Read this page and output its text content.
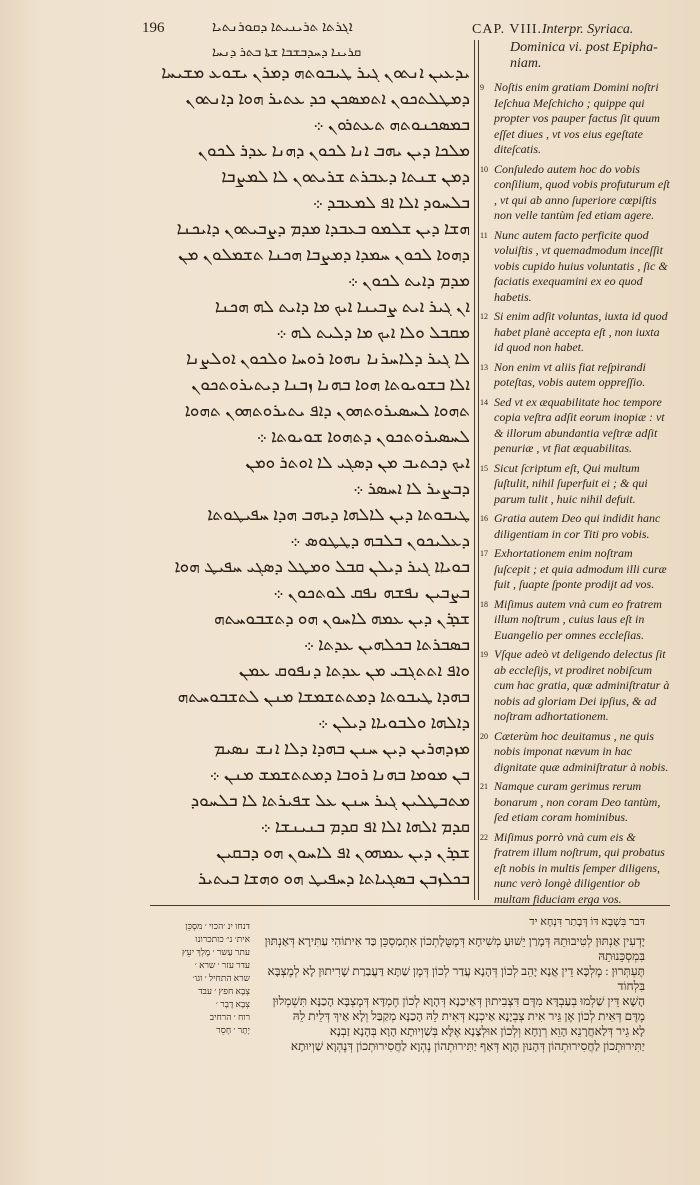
196	ܐܓܪܬܐ ܬܪܝܢܝܬܐ ܕܩܘܪܢܬܝܐ	CAP. VIII. Interpr. Syriaca.
ܩܪܝܢܐ ܕܚܕܒܫܒܐ ܫܬܐ ܒܬܪ ܕܢܚܐ
ܝܕܥܝܢ ܐܢܬܘܢ ܓܝܪ ܛܝܒܘܬܗ ܕܡܪܢ ܝܫܘܥ ܡܫܝܚܐ
ܕܡܛܠܬܟܘܢ ܐܬܡܣܟܢ ܟܕ ܥܬܝܪ ܗܘܐ ܕܐܢܬܘܢ
ܒܡܣܟܢܘܬܗ ܬܥܬܪܘܢ ܀
ܡܠܟܐ ܕܝܢ ܝܗܒ ܐܢܐ ܠܟܘܢ ܕܗܢܐ ܥܕܪ ܠܟܘܢ
ܕܡܢ ܫܢܬܐ ܕܥܒܪܬ ܫܪܝܬܘܢ ܠܐ ܠܡܨܒܐ
ܒܠܚܘܕ ܐܠܐ ܐܦ ܠܡܥܒܕ ܀
ܗܫܐ ܕܝܢ ܫܠܡܘ ܒܥܒܕܐ ܡܕܡ ܕܨܒܝܬܘܢ ܕܐܝܟܢܐ
ܕܗܘܐ ܠܟܘܢ ܚܡܕܐ ܕܡܨܒܐ ܗܟܢܐ ܬܫܡܠܘܢ ܡܢ
ܡܕܡ ܕܐܝܬ ܠܟܘܢ ܀
ܐܢ ܓܝܪ ܐܝܬ ܨܒܝܢܐ ܐܝܟ ܡܐ ܕܐܝܬ ܠܗ ܗܟܢܐ
ܡܩܒܠ ܘܠܐ ܐܝܟ ܡܐ ܕܠܝܬ ܠܗ ܀
ܠܐ ܓܝܪ ܕܠܐܚܪܢܐ ܢܗܘܐ ܪܘܚܐ ܘܠܟܘܢ ܐܘܠܨܢܐ
ܐܠܐ ܒܫܘܝܘܬܐ ܗܘܐ ܒܗܢܐ ܙܒܢܐ ܕܝܬܝܪܘܬܟܘܢ
ܬܗܘܐ ܠܚܣܝܪܘܬܗܘܢ ܕܐܦ ܝܬܝܪܘܬܗܘܢ ܬܗܘܐ
ܠܚܣܝܪܘܬܟܘܢ ܕܬܗܘܐ ܫܘܝܘܬܐ ܀
ܐܝܟ ܕܟܬܝܒ ܡܢ ܕܣܓܝ ܠܐ ܐܘܬܪ ܘܡܢ
ܕܒܨܝܪ ܠܐ ܐܚܣܪ ܀
ܛܝܒܘܬܐ ܕܝܢ ܠܐܠܗܐ ܕܝܗܒ ܗܕܐ ܚܦܝܛܘܬܐ
ܕܥܠܝܟܘܢ ܒܠܒܗ ܕܛܛܘܣ ܀
ܒܘܝܐܐ ܓܝܪ ܕܝܠܢ ܩܒܠ ܘܡܛܠ ܕܣܓܝ ܚܦܝܛ ܗܘܐ
ܒܨܒܝܢ ܢܦܫܗ ܢܦܩ ܠܘܬܟܘܢ ܀
ܫܕܪܢ ܕܝܢ ܥܡܗ ܠܐܚܘܢ ܗܘ ܕܬܫܒܘܚܬܗ
ܒܣܒܪܬܐ ܒܟܠܗܝܢ ܥܕܬܐ ܀
ܘܐܦ ܐܬܬܓܒܝ ܡܢ ܥܕܬܐ ܕܢܦܘܩ ܥܡܢ
ܒܗܕܐ ܛܝܒܘܬܐ ܕܡܬܬܫܡܫܐ ܡܢܢ ܠܬܫܒܘܚܬܗ
ܕܐܠܗܐ ܘܠܒܘܝܐܐ ܕܝܠܢ ܀
ܡܙܕܗܪܝܢ ܕܝܢ ܚܢܢ ܒܗܕܐ ܕܠܐ ܐܢܫ ܢܣܝܡ
ܒܢ ܡܘܡܐ ܒܗܢܐ ܪܘܒܐ ܕܡܬܬܫܡܫ ܡܢܢ ܀
ܡܬܒܛܠܝܢ ܓܝܪ ܚܢܢ ܥܠ ܫܦܝܪܬܐ ܠܐ ܒܠܚܘܕ
ܩܕܡ ܐܠܗܐ ܐܠܐ ܐܦ ܩܕܡ ܒܢܝܢܫܐ ܀
ܫܕܪܢ ܕܝܢ ܥܡܗܘܢ ܐܦ ܠܐܚܘܢ ܗܘ ܕܒܩܝܢ
ܒܟܠܙܒܢ ܒܣܓܝܐܬܐ ܕܚܦܝܛ ܗܘ ܘܗܫܐ ܒܝܬܝܪ
Dominica vi. post Epipha- niam.
9 Noſtis enim gratiam Domini noſtri Ieſchua Meſchicho ; quippe qui propter vos pauper factus ſit quum eſſet diues , vt vos eius egeſtate diteſcatis.
10 Conſuledo autem hoc do vobis conſilium, quod vobis profuturum eſt , vt qui ab anno ſuperiore cœpiſtis non velle tantùm ſed etiam agere.
11 Nunc autem facto perficite quod voluiſtis , vt quemadmodum inceſſit vobis cupido huius voluntatis , ſic & faciatis exequamini ex eo quod habetis.
12 Si enim adſit voluntas, iuxta id quod habet planè accepta eſt , non iuxta id quod non habet.
13 Non enim vt aliis fiat reſpirandi poteſtas, vobis autem oppreſſio.
14 Sed vt ex æquabilitate hoc tempore copia veſtra adſit eorum inopiæ : vt & illorum abundantia veſtræ adſit penuriæ , vt fiat æquabilitas.
15 Sicut ſcriptum eſt, Qui multum ſuſtulit, nihil ſuperfuit ei ; & qui parum tulit , huic nihil defuit.
16 Gratia autem Deo qui indidit hanc diligentiam in cor Titi pro vobis.
17 Exhortationem enim noſtram ſuſcepit ; et quia admodum illi curæ fuit , ſuapte ſponte prodijt ad vos.
18 Miſimus autem vnà cum eo fratrem illum noſtrum , cuius laus eſt in Euangelio per omnes eccleſias.
19 Vſque adeò vt deligendo delectus ſit ab eccleſijs, vt prodiret nobiſcum cum hac gratia, quæ adminiſtratur à nobis ad gloriam Dei ipſius, & ad noſtram adhortationem.
20 Cæterùm hoc deuitamus , ne quis nobis imponat nævum in hac dignitate quæ adminiſtratur à nobis.
21 Namque curam gerimus rerum bonarum , non coram Deo tantùm, ſed etiam coram hominibus.
22 Miſimus porrò vnà cum eis & fratrem illum noſtrum, qui probatus eſt nobis in multis ſemper diligens, nunc verò longè diligentior ob multam fiduciam erga vos.
דּבר בִּשְׁבָא דּוֹ דְּבָתַר דִּנְחָא יד
יָדְעִין אַנְתּוּן לְטִיבוּתֵהּ דְּמָרַן יֵשׁוּעַ מְשִׁיחָא דְּמֶטֻּלָתְכוֹן אִתְמַסְכֵּן כַּד אִיתוֹהִי עַתִּירָא דְּאַנְתּוּן בִּמְסְכֵּנוּתֵהּ
תֶּעְתְּרוּן : מֶלְכָּא דֵין אֲנָא יָהֵב לְכוֹן דְּהָנָא עֲדַר לְכוֹן דְּמֶן שַׁתָּא דַּעֲבַרַת שָׁרִיתוּן לָא לְמֶצְבָּא בִּלְחוֹד
הָשָׁא דֵּין שַׁלְמוּ בְעַבְדָּא מִדֶּם דִּצְבִיתוּן דְּאַיכַנָא דְּהָוָא לְכוֹן חֶמְדָּא דְּמֶצְבָּא הָכַנָּא תִּשְׁמְלוּן
מֶדֶּם דְּאִית לְכוֹן אֶן גֵּיר אִית צְבְיָנָא אַיכְנָא דְּאִית לֵהּ הָכַנָּא מְקַבַּל וְלָא אַיךְ דְּלֵית לֵהּ
לָא גֵיר דְּלַאחֲרָנֵא הָוֵא רְוָחָא וְלְכוֹן אוּלְצָנָא אֶלָּא בְּשַׁוְיוּתָא הָוָא בְּהָנָא זַבְנָא
יַתִּירוּתְכוֹן לַחֲסִירוּתְהוֹן דְּהָנוּן הָוָא דְּאַף יַתִּירוּתְהוֹן נֶהְוָא לַחֲסִירוּתְכוֹן דְּנֶהְוָא שַׁוְיוּתָא
דנחו ינ ׳הכוי ׳ מסְכֵּן
אית׳ נ״ כותכרונו
עתר עַשר ׳ מֶלְךְ יעֵץ
עדר עזר ׳ שרא ׳
שרא התחיל ׳ וגו׳
צְבָא חפץ ׳ עבד
צְבָא דָבָר ׳
רוח ׳ הרחיב
יָתָר ׳ חָסֵר
